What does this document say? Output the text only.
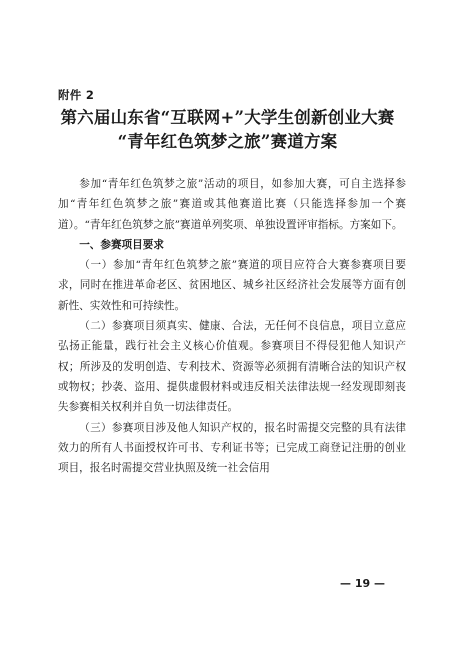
附件 2
第六届山东省“互联网+”大学生创新创业大赛
“青年红色筑梦之旅”赛道方案

参加“青年红色筑梦之旅”活动的项目，如参加大赛，可自主选择参加“青年红色筑梦之旅”赛道或其他赛道比赛（只能选择参加一个赛道）。“青年红色筑梦之旅”赛道单列奖项、单独设置评审指标。方案如下。

一、参赛项目要求

（一）参加“青年红色筑梦之旅”赛道的项目应符合大赛参赛项目要求，同时在推进革命老区、贫困地区、城乡社区经济社会发展等方面有创新性、实效性和可持续性。

（二）参赛项目须真实、健康、合法，无任何不良信息，项目立意应弘扬正能量，践行社会主义核心价值观。参赛项目不得侵犯他人知识产权；所涉及的发明创造、专利技术、资源等必须拥有清晰合法的知识产权或物权；抄袭、盗用、提供虚假材料或违反相关法律法规一经发现即刻丧失参赛相关权利并自负一切法律责任。

（三）参赛项目涉及他人知识产权的，报名时需提交完整的具有法律效力的所有人书面授权许可书、专利证书等；已完成工商登记注册的创业项目，报名时需提交营业执照及统一社会信用

— 19 —
